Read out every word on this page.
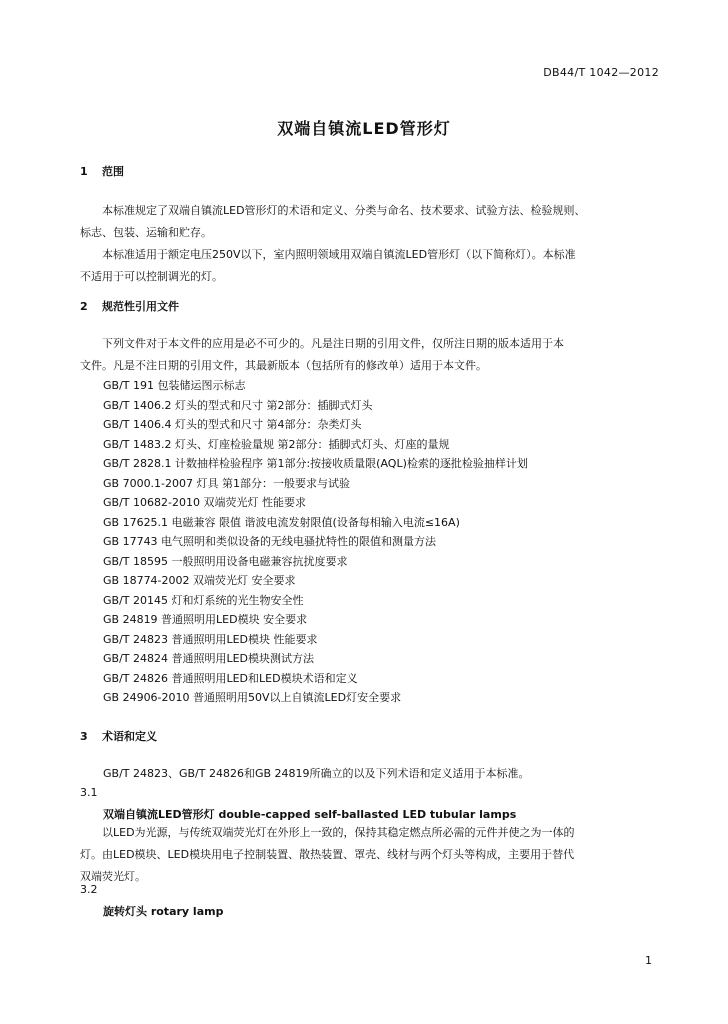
DB44/T 1042—2012
双端自镇流LED管形灯
1 范围
本标准规定了双端自镇流LED管形灯的术语和定义、分类与命名、技术要求、试验方法、检验规则、
标志、包装、运输和贮存。
本标准适用于额定电压250V以下，室内照明领域用双端自镇流LED管形灯（以下简称灯）。本标准
不适用于可以控制调光的灯。
2 规范性引用文件
下列文件对于本文件的应用是必不可少的。凡是注日期的引用文件，仅所注日期的版本适用于本
文件。凡是不注日期的引用文件，其最新版本（包括所有的修改单）适用于本文件。
GB/T 191 包装储运图示标志
GB/T 1406.2 灯头的型式和尺寸 第2部分：插脚式灯头
GB/T 1406.4 灯头的型式和尺寸 第4部分：杂类灯头
GB/T 1483.2 灯头、灯座检验量规 第2部分：插脚式灯头、灯座的量规
GB/T 2828.1 计数抽样检验程序 第1部分:按接收质量限(AQL)检索的逐批检验抽样计划
GB 7000.1-2007 灯具 第1部分：一般要求与试验
GB/T 10682-2010 双端荧光灯 性能要求
GB 17625.1 电磁兼容 限值 谐波电流发射限值(设备每相输入电流≤16A)
GB 17743 电气照明和类似设备的无线电骚扰特性的限值和测量方法
GB/T 18595 一般照明用设备电磁兼容抗扰度要求
GB 18774-2002 双端荧光灯 安全要求
GB/T 20145 灯和灯系统的光生物安全性
GB 24819 普通照明用LED模块 安全要求
GB/T 24823 普通照明用LED模块 性能要求
GB/T 24824 普通照明用LED模块测试方法
GB/T 24826 普通照明用LED和LED模块术语和定义
GB 24906-2010 普通照明用50V以上自镇流LED灯安全要求
3 术语和定义
GB/T 24823、GB/T 24826和GB 24819所确立的以及下列术语和定义适用于本标准。
3.1
双端自镇流LED管形灯 double-capped self-ballasted LED tubular lamps
以LED为光源，与传统双端荧光灯在外形上一致的，保持其稳定燃点所必需的元件并使之为一体的
灯。由LED模块、LED模块用电子控制装置、散热装置、罩壳、线材与两个灯头等构成，主要用于替代
双端荧光灯。
3.2
旋转灯头 rotary lamp
1
